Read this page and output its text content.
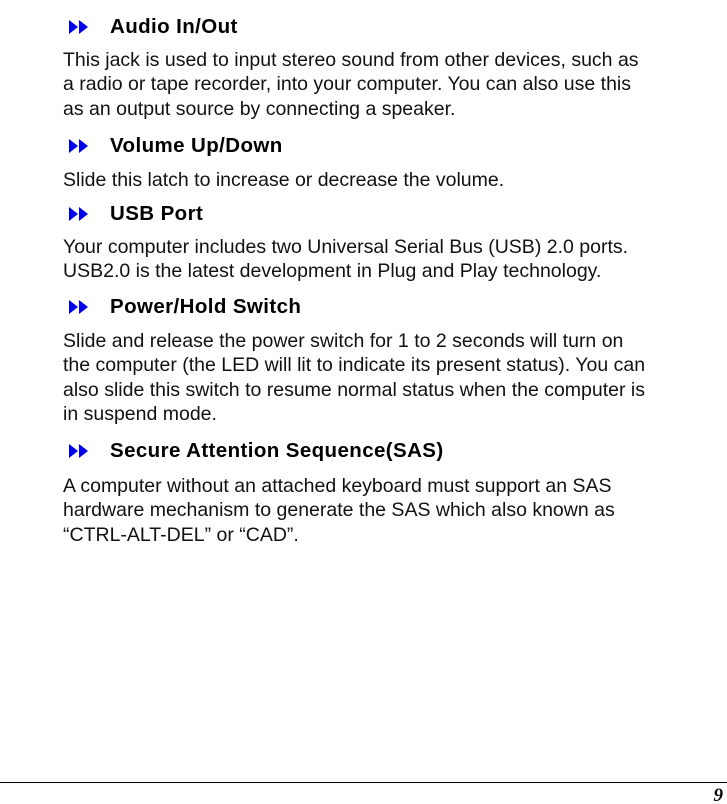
Audio In/Out
This jack is used to input stereo sound from other devices, such as
a radio or tape recorder, into your computer. You can also use this
as an output source by connecting a speaker.
Volume Up/Down
Slide this latch to increase or decrease the volume.
USB Port
Your computer includes two Universal Serial Bus (USB) 2.0 ports.
USB2.0 is the latest development in Plug and Play technology.
Power/Hold Switch
Slide and release the power switch for 1 to 2 seconds will turn on
the computer (the LED will lit to indicate its present status). You can
also slide this switch to resume normal status when the computer is
in suspend mode.
Secure Attention Sequence(SAS)
A computer without an attached keyboard must support an SAS
hardware mechanism to generate the SAS which also known as
“CTRL-ALT-DEL” or “CAD”.
9
